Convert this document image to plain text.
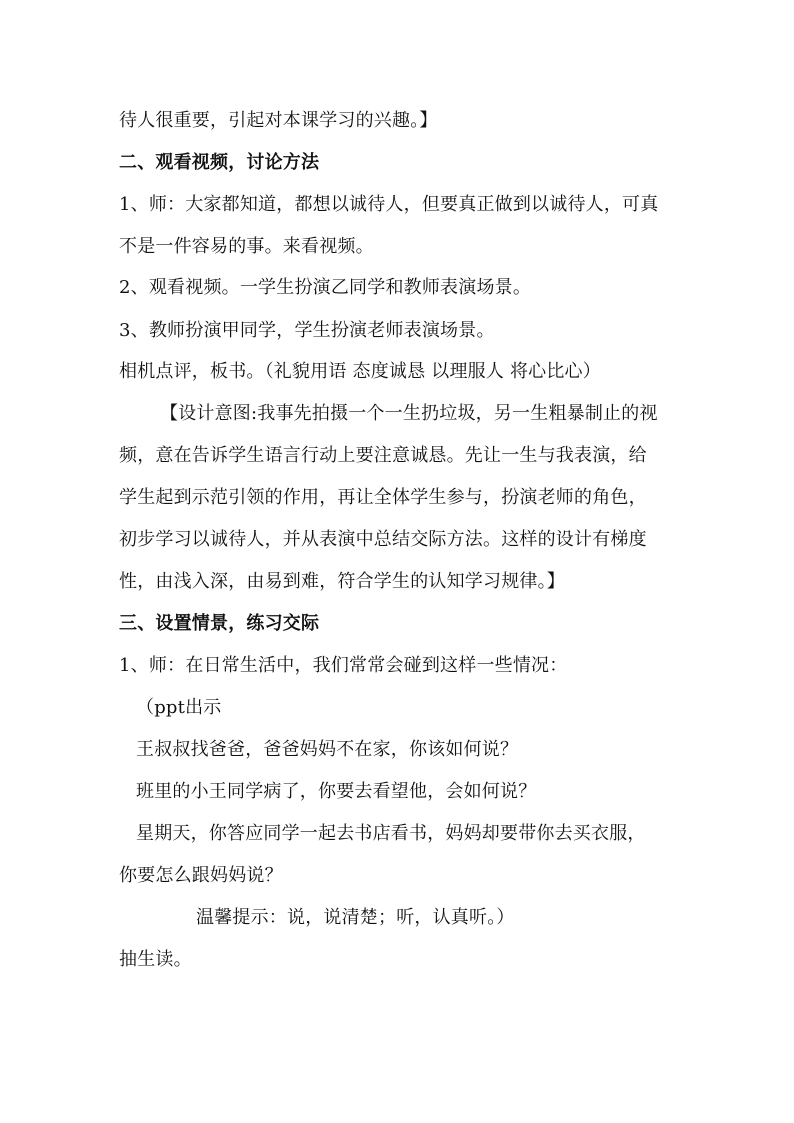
待人很重要，引起对本课学习的兴趣。】
二、观看视频，讨论方法
1、师：大家都知道，都想以诚待人，但要真正做到以诚待人，可真
不是一件容易的事。来看视频。
2、观看视频。一学生扮演乙同学和教师表演场景。
3、教师扮演甲同学，学生扮演老师表演场景。
相机点评，板书。（礼貌用语 态度诚恳 以理服人 将心比心）
【设计意图:我事先拍摄一个一生扔垃圾，另一生粗暴制止的视
频，意在告诉学生语言行动上要注意诚恳。先让一生与我表演，给
学生起到示范引领的作用，再让全体学生参与，扮演老师的角色，
初步学习以诚待人，并从表演中总结交际方法。这样的设计有梯度
性，由浅入深，由易到难，符合学生的认知学习规律。】
三、设置情景，练习交际
1、师：在日常生活中，我们常常会碰到这样一些情况：
（ppt出示
王叔叔找爸爸，爸爸妈妈不在家，你该如何说？
班里的小王同学病了，你要去看望他，会如何说？
星期天，你答应同学一起去书店看书，妈妈却要带你去买衣服，
你要怎么跟妈妈说？
温馨提示：说，说清楚；听，认真听。）
抽生读。
